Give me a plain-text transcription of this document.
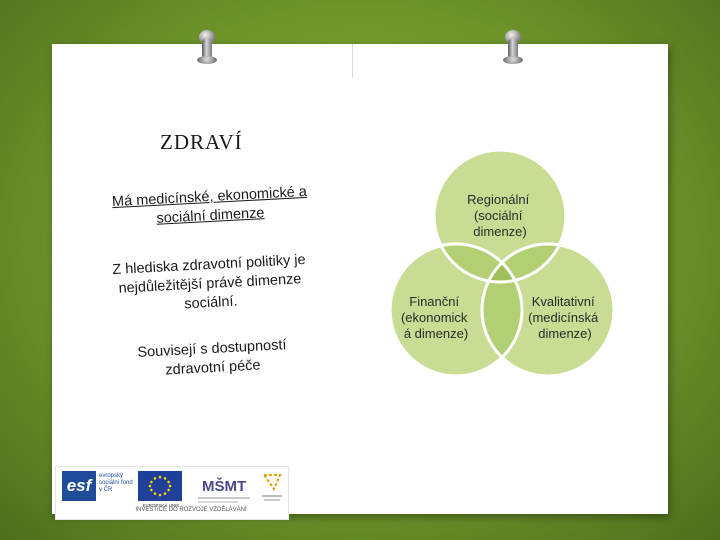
ZDRAVÍ
Má medicínské, ekonomické a sociální dimenze
Z hlediska zdravotní politiky je nejdůležitější právě dimenze sociální.
Souvisejí s dostupností zdravotní péče
Regionální (sociální dimenze)
Finanční (ekonomick á dimenze)
Kvalitativní (medicínská dimenze)
esf	evropský sociální fond v ČR
EVROPSKÁ UNIE
MŠMT
INVESTICE DO ROZVOJE VZDĚLÁVÁNÍ
